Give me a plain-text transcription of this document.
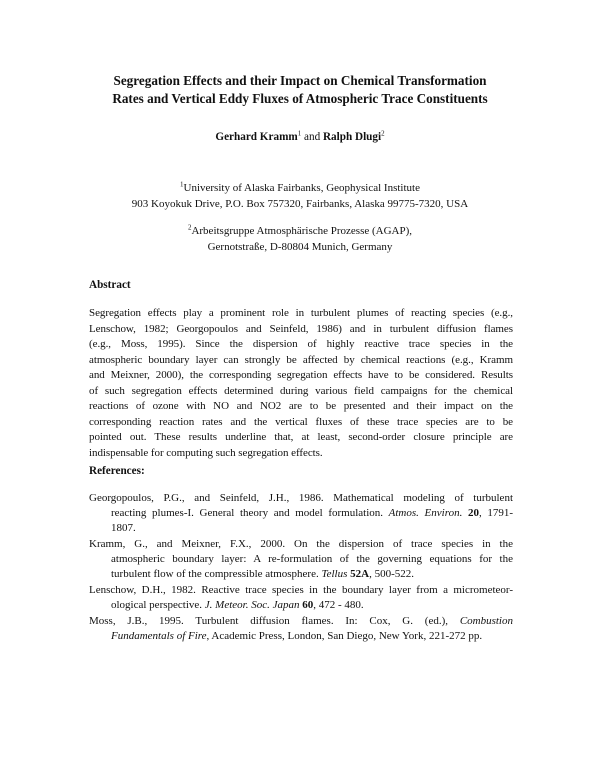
Segregation Effects and their Impact on Chemical Transformation
Rates and Vertical Eddy Fluxes of Atmospheric Trace Constituents
Gerhard Kramm$^1$ and Ralph Dlugi$^2$
$^1$University of Alaska Fairbanks, Geophysical Institute
903 Koyokuk Drive, P.O. Box 757320, Fairbanks, Alaska 99775-7320, USA
$^2$Arbeitsgruppe Atmosphärische Prozesse (AGAP),
Gernotstraße, D-80804 Munich, Germany
Abstract
Segregation effects play a prominent role in turbulent plumes of reacting species (e.g.,
Lenschow, 1982; Georgopoulos and Seinfeld, 1986) and in turbulent diffusion flames
(e.g., Moss, 1995). Since the dispersion of highly reactive trace species in the
atmospheric boundary layer can strongly be affected by chemical reactions (e.g., Kramm
and Meixner, 2000), the corresponding segregation effects have to be considered. Results
of such segregation effects determined during various field campaigns for the chemical
reactions of ozone with NO and NO2 are to be presented and their impact on the
corresponding reaction rates and the vertical fluxes of these trace species are to be
pointed out. These results underline that, at least, second-order closure principle are
indispensable for computing such segregation effects.
References:
Georgopoulos, P.G., and Seinfeld, J.H., 1986. Mathematical modeling of turbulent
reacting plumes-I. General theory and model formulation. Atmos. Environ. 20, 1791-
1807.
Kramm, G., and Meixner, F.X., 2000. On the dispersion of trace species in the
atmospheric boundary layer: A re-formulation of the governing equations for the
turbulent flow of the compressible atmosphere. Tellus 52A, 500-522.
Lenschow, D.H., 1982. Reactive trace species in the boundary layer from a micrometeor-
ological perspective. J. Meteor. Soc. Japan 60, 472 - 480.
Moss, J.B., 1995. Turbulent diffusion flames. In: Cox, G. (ed.), Combustion
Fundamentals of Fire, Academic Press, London, San Diego, New York, 221-272 pp.
